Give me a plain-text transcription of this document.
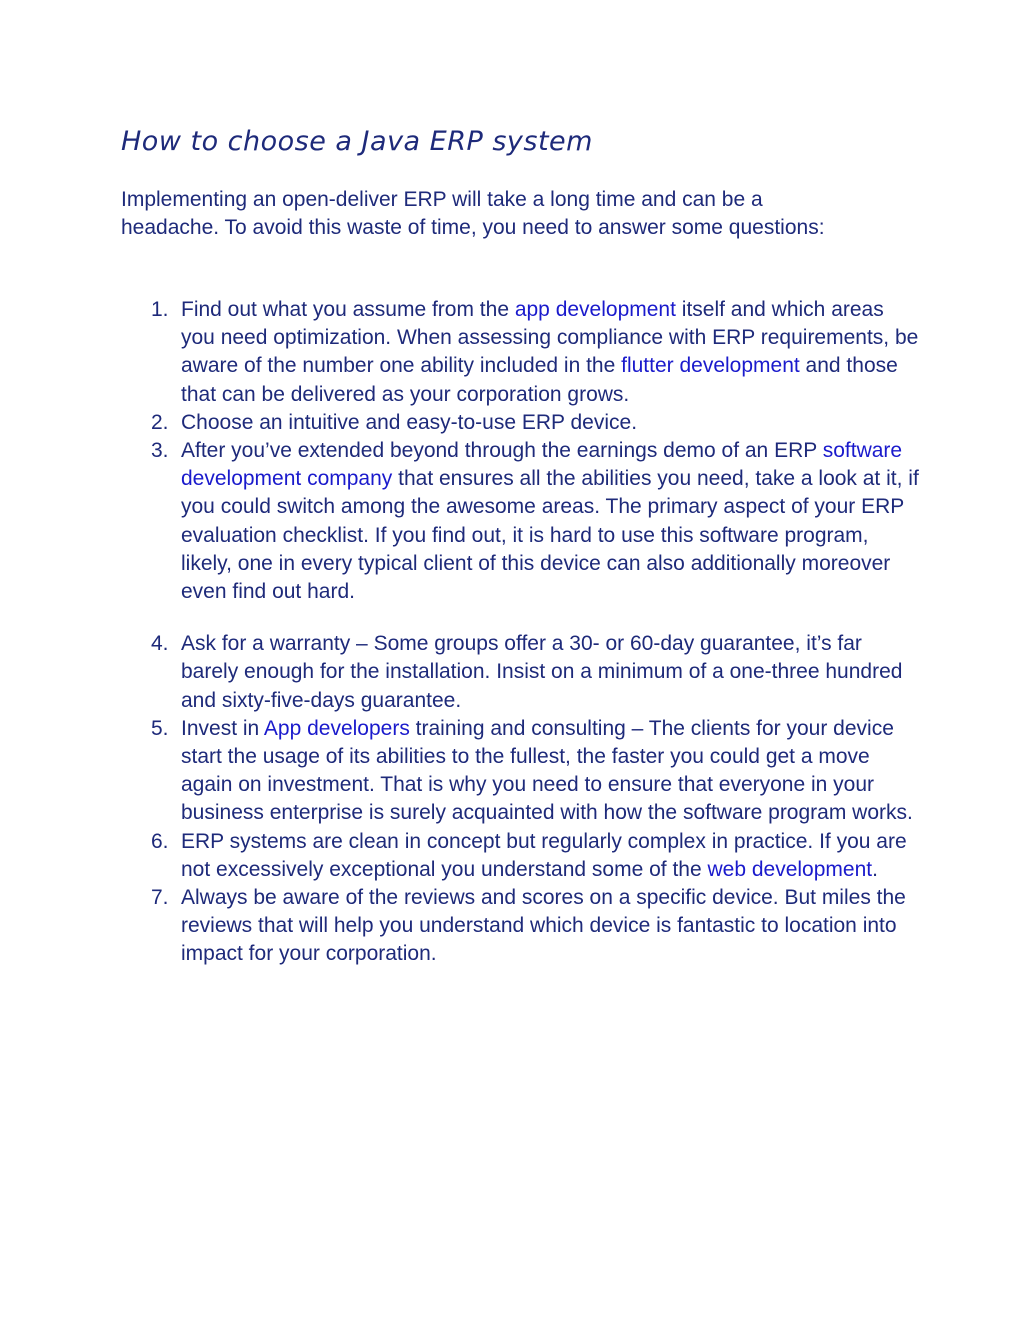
How to choose a Java ERP system

Implementing an open-deliver ERP will take a long time and can be a headache. To avoid this waste of time, you need to answer some questions:

1. Find out what you assume from the app development itself and which areas you need optimization. When assessing compliance with ERP requirements, be aware of the number one ability included in the flutter development and those that can be delivered as your corporation grows.
2. Choose an intuitive and easy-to-use ERP device.
3. After you’ve extended beyond through the earnings demo of an ERP software development company that ensures all the abilities you need, take a look at it, if you could switch among the awesome areas. The primary aspect of your ERP evaluation checklist. If you find out, it is hard to use this software program, likely, one in every typical client of this device can also additionally moreover even find out hard.
4. Ask for a warranty – Some groups offer a 30- or 60-day guarantee, it’s far barely enough for the installation. Insist on a minimum of a one-three hundred and sixty-five-days guarantee.
5. Invest in App developers training and consulting – The clients for your device start the usage of its abilities to the fullest, the faster you could get a move again on investment. That is why you need to ensure that everyone in your business enterprise is surely acquainted with how the software program works.
6. ERP systems are clean in concept but regularly complex in practice. If you are not excessively exceptional you understand some of the web development.
7. Always be aware of the reviews and scores on a specific device. But miles the reviews that will help you understand which device is fantastic to location into impact for your corporation.
